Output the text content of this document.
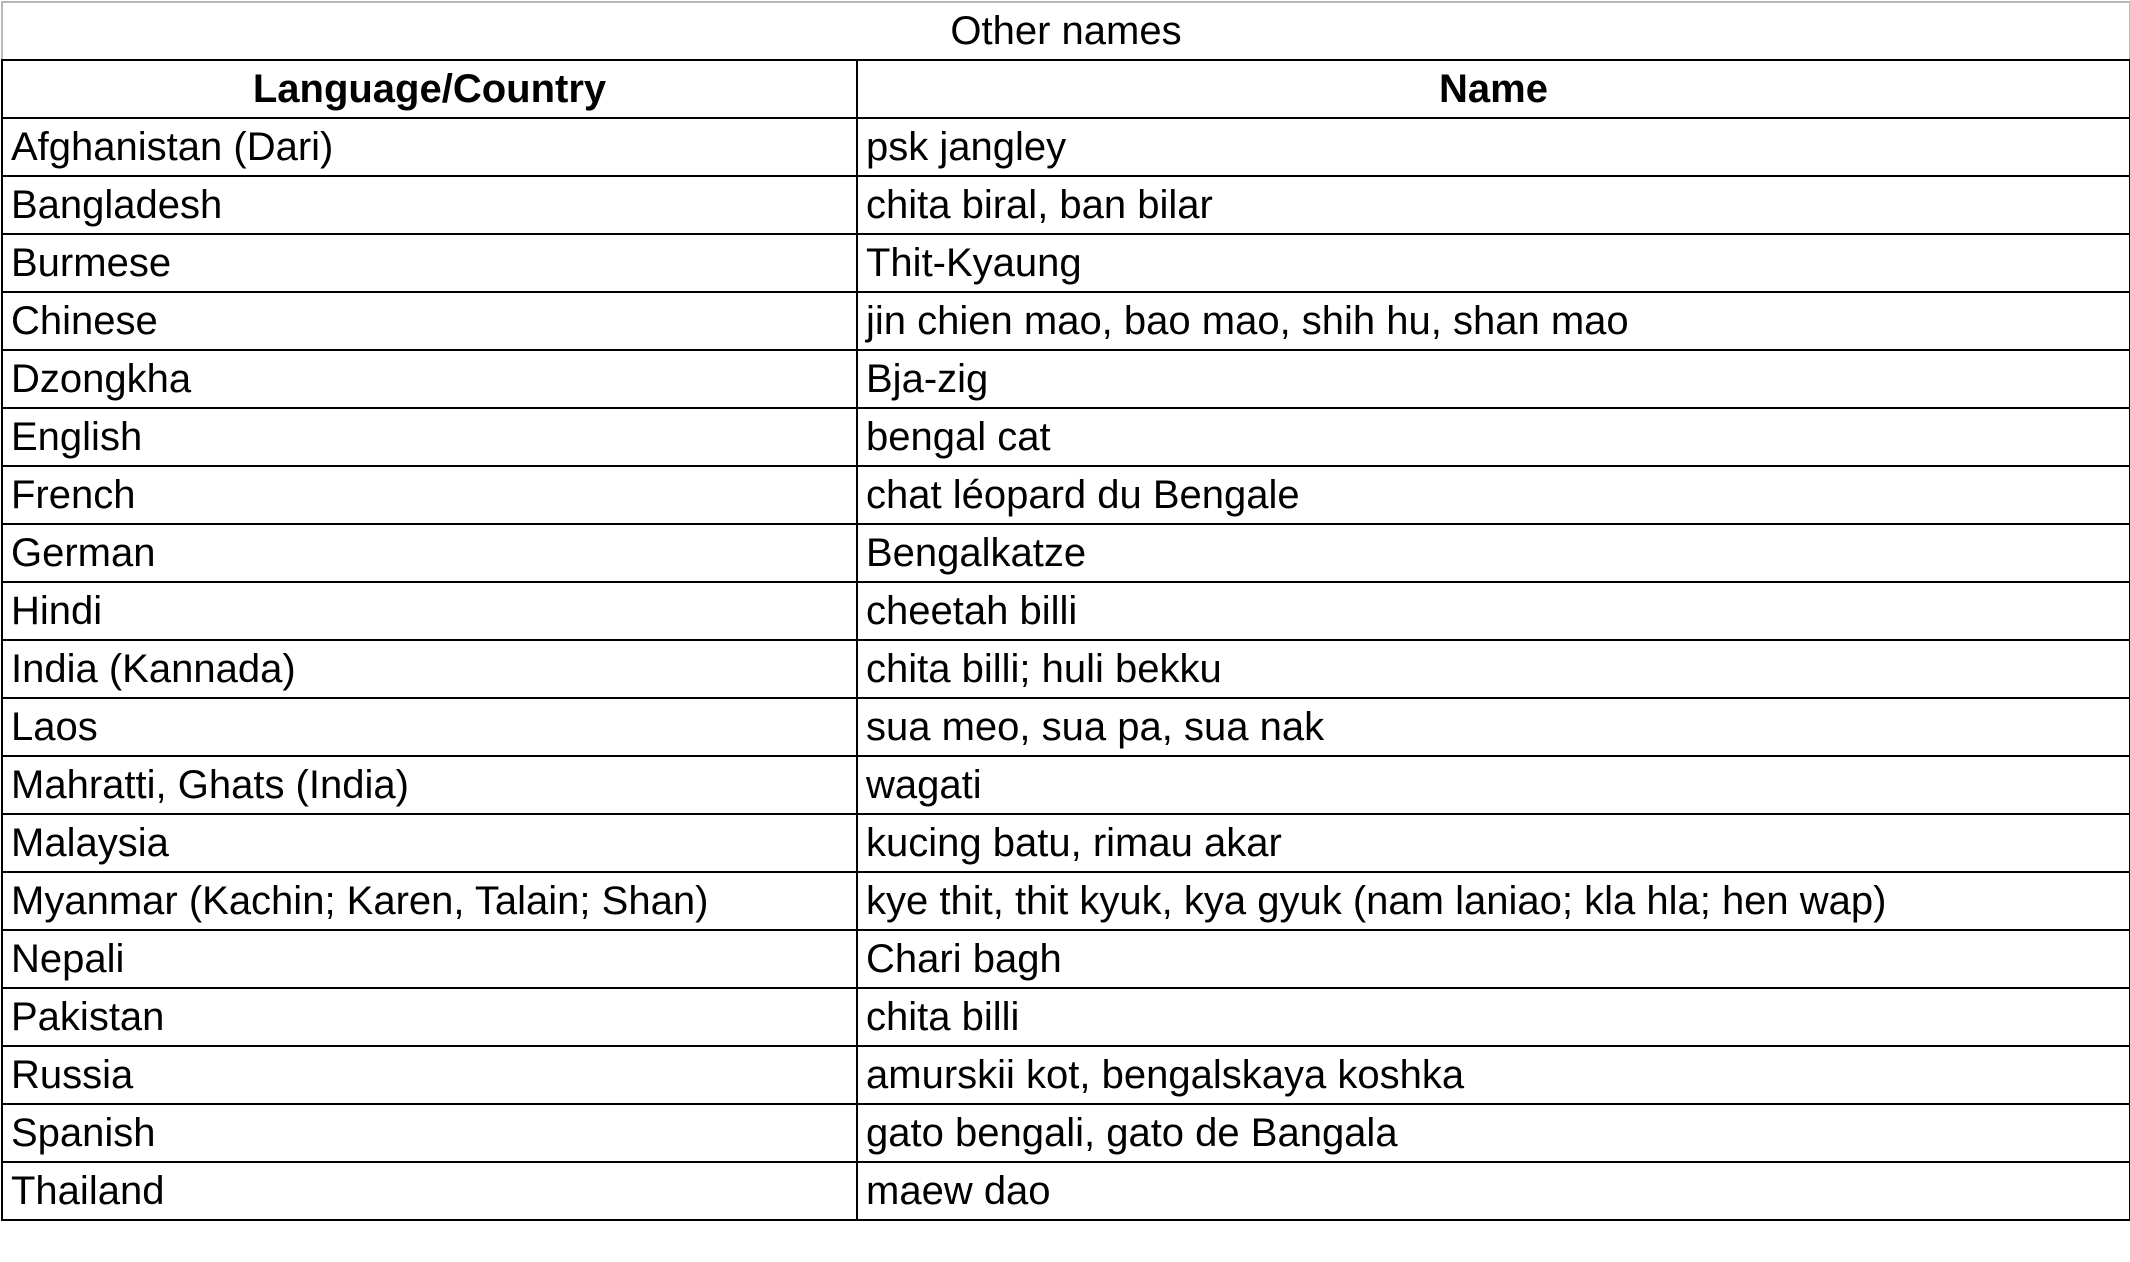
Other names	
Language/Country	Name
Afghanistan (Dari)	psk jangley
Bangladesh	chita biral, ban bilar
Burmese	Thit-Kyaung
Chinese	jin chien mao, bao mao, shih hu, shan mao
Dzongkha	Bja-zig
English	bengal cat
French	chat léopard du Bengale
German	Bengalkatze
Hindi	cheetah billi
India (Kannada)	chita billi; huli bekku
Laos	sua meo, sua pa, sua nak
Mahratti, Ghats (India)	wagati
Malaysia	kucing batu, rimau akar
Myanmar (Kachin; Karen, Talain; Shan)	kye thit, thit kyuk, kya gyuk (nam laniao; kla hla; hen wap)
Nepali	Chari bagh
Pakistan	chita billi
Russia	amurskii kot, bengalskaya koshka
Spanish	gato bengali, gato de Bangala
Thailand	maew dao
